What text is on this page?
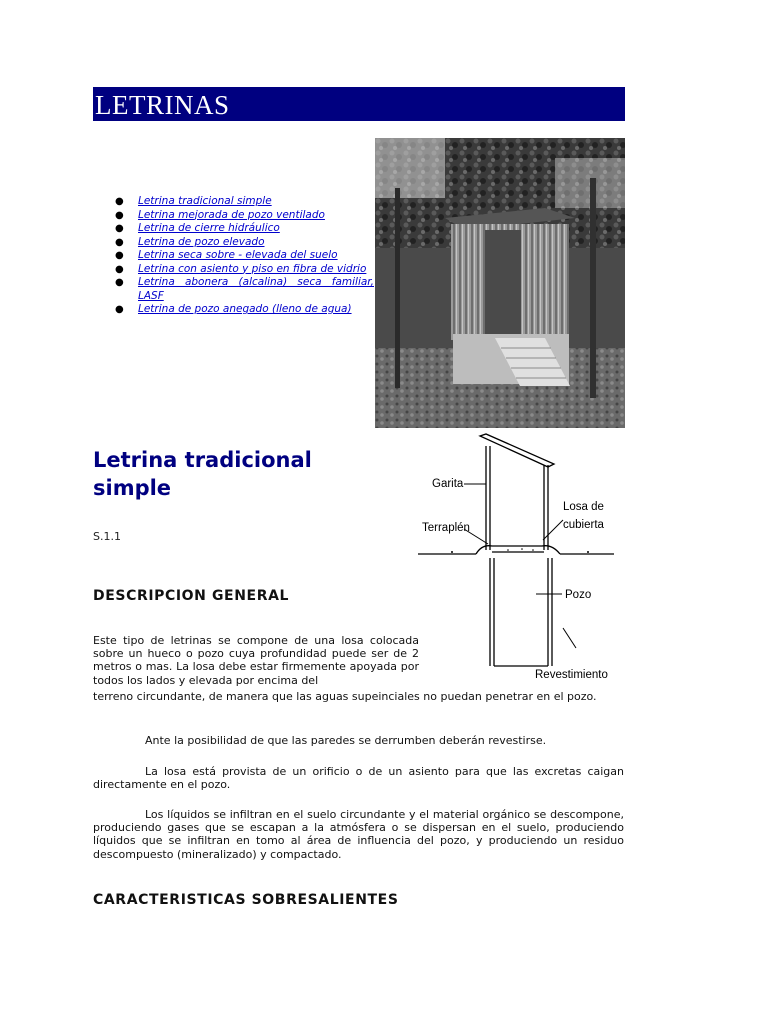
LETRINAS
● Letrina tradicional simple
● Letrina mejorada de pozo ventilado
● Letrina de cierre hidráulico
● Letrina de pozo elevado
● Letrina seca sobre - elevada del suelo
● Letrina con asiento y piso en fibra de vidrio
● Letrina abonera (alcalina) seca familiar, LASF
● Letrina de pozo anegado (lleno de agua)
Letrina tradicional simple
S.1.1
Garita
Losa de
cubierta
Terraplén
Pozo
Revestimiento
DESCRIPCION GENERAL

Este tipo de letrinas se compone de una losa colocada sobre un hueco o pozo cuya profundidad puede ser de 2 metros o mas. La losa debe estar firmemente apoyada por todos los lados y elevada por encima del

terreno circundante, de manera que las aguas supeinciales no puedan penetrar en el pozo.

Ante la posibilidad de que las paredes se derrumben deberán revestirse.

La losa está provista de un orificio o de un asiento para que las excretas caigan directamente en el pozo.

Los líquidos se infiltran en el suelo circundante y el material orgánico se descompone, produciendo gases que se escapan a la atmósfera o se dispersan en el suelo, produciendo líquidos que se infiltran en tomo al área de influencia del pozo, y produciendo un residuo descompuesto (mineralizado) y compactado.

CARACTERISTICAS SOBRESALIENTES
